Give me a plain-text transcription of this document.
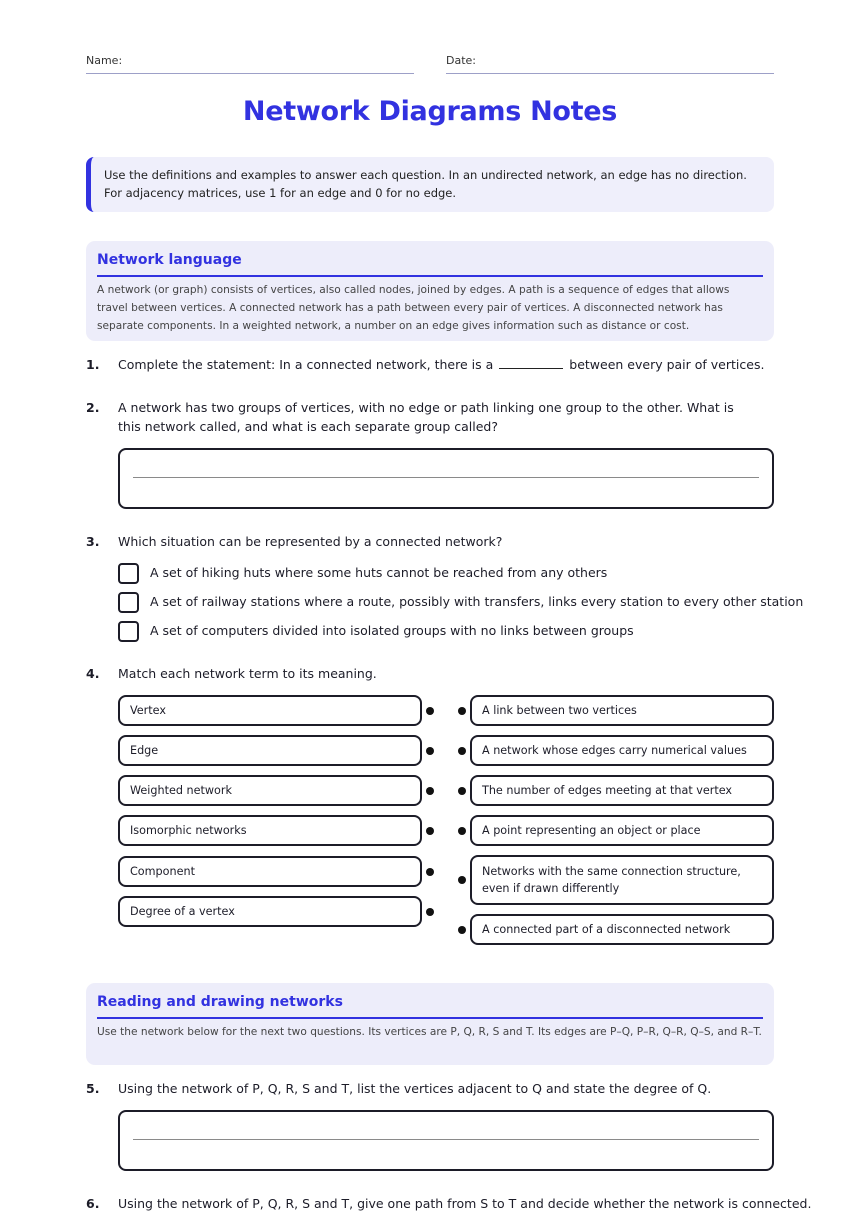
Name:	Date:
Network Diagrams Notes
Use the definitions and examples to answer each question. In an undirected network, an edge has no direction. For adjacency matrices, use 1 for an edge and 0 for no edge.
Network language
A network (or graph) consists of vertices, also called nodes, joined by edges. A path is a sequence of edges that allows travel between vertices. A connected network has a path between every pair of vertices. A disconnected network has separate components. In a weighted network, a number on an edge gives information such as distance or cost.
1. Complete the statement: In a connected network, there is a	between every pair of vertices.
2. A network has two groups of vertices, with no edge or path linking one group to the other. What is this network called, and what is each separate group called?
3. Which situation can be represented by a connected network?
A set of hiking huts where some huts cannot be reached from any others
A set of railway stations where a route, possibly with transfers, links every station to every other station
A set of computers divided into isolated groups with no links between groups
4. Match each network term to its meaning.
Vertex
Edge
Weighted network
Isomorphic networks
Component
Degree of a vertex
A link between two vertices
A network whose edges carry numerical values
The number of edges meeting at that vertex
A point representing an object or place
Networks with the same connection structure, even if drawn differently
A connected part of a disconnected network
Reading and drawing networks
Use the network below for the next two questions. Its vertices are P, Q, R, S and T. Its edges are P–Q, P–R, Q–R, Q–S, and R–T.
5. Using the network of P, Q, R, S and T, list the vertices adjacent to Q and state the degree of Q.
6. Using the network of P, Q, R, S and T, give one path from S to T and decide whether the network is connected.
